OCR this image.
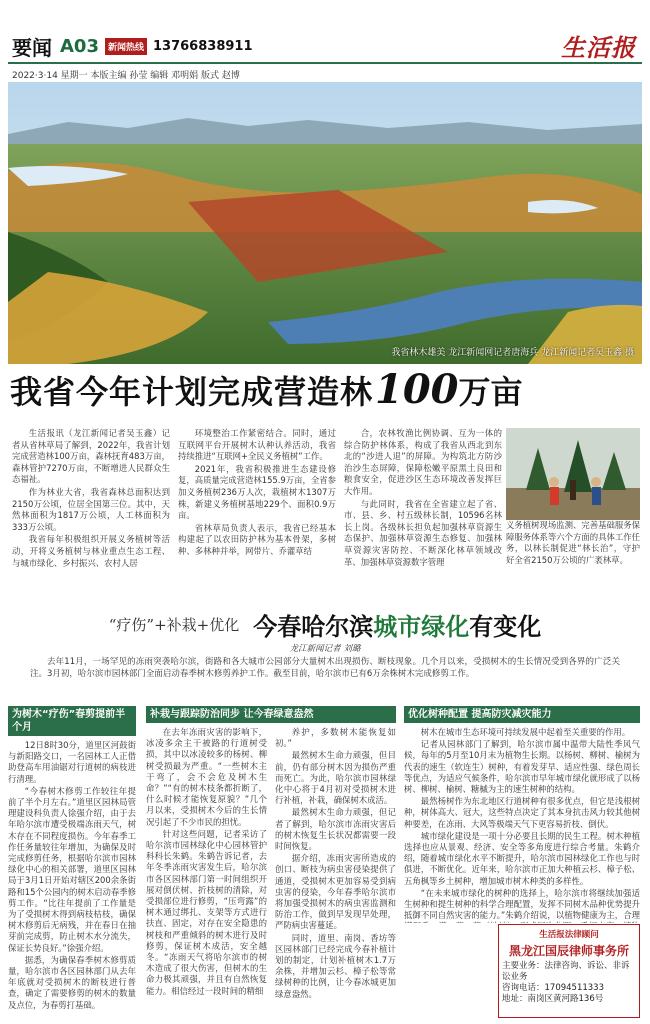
要闻 A03	新闻热线 13766838911	生活报
2022·3·14 星期一 本版主编 孙莹 编辑 邓明娟 版式 赵博
我省林木雄美 龙江新闻网记者唐海兵 龙江新闻记者吴玉鑫 摄
我省今年计划完成营造林 100 万亩

生活报讯（龙江新闻记者吴玉鑫）记者从省林草局了解到，2022年，我省计划完成营造林100万亩，森林抚育483万亩，森林管护7270万亩，不断增进人民群众生态福祉。

作为林业大省，我省森林总面积达到2150万公顷，位居全国第三位。其中，天然林面积为1817万公顷，人工林面积为333万公顷。

我省每年积极组织开展义务植树等活动，开将义务植树与林业重点生态工程、与城市绿化、乡村振兴、农村人居

环境整治工作紧密结合。同时，通过互联网平台开展树木认种认养活动，我省持续推进“互联网+全民义务植树”工作。

2021年，我省积极推进生态建设修复，高质量完成营造林155.9万亩，全省参加义务植树236万人次，栽植树木1307万株，新建义务植树基地229个、面积0.9万亩。

省林草局负责人表示，我省已经基本构建起了以农田防护林为基本骨架，多树种、多林种并举，网带片、乔灌草结

合，农林牧渔比例协调、互为一体的综合防护林体系，构成了我省从西北到东北的“沙进人退”的屏障。为构筑北方防沙治沙生态屏障，保障松嫩平原黑土良田和粮食安全，促进沙区生态环境改善发挥巨大作用。

与此同时，我省在全省建立起了省、市、县、乡、村五级林长制，10596名林长上岗。各级林长担负起加强林草资源生态保护、加强林草资源生态修复、加强林草资源灾害防控、不断深化林草领域改革、加强林草资源数字管理

义务植树现场监测、完善基础服务保障服务体系等六个方面的具体工作任务，以林长制促进“林长治”，守护好全省2150万公顷的广袤林草。
“疗伤”+补栽+优化 今春哈尔滨城市绿化有变化
龙江新闻记者 刘璐
去年11月，一场罕见的冻雨突袭哈尔滨，街路和各大城市公园部分大量树木出现损伤、断枝现象。几个月以来，受损树木的生长情况受到各界的广泛关注。3月初，哈尔滨市园林部门全面启动春季树木修剪养护工作。截至目前，哈尔滨市已有6万余株树木完成修剪工作。
为树木“疗伤”春剪提前半个月

12日8时30分，道里区河鼓街与新阳路交口，一名园林工人正借助登高车用油锯对行道树的病枝进行清理。

“今春树木修剪工作较往年提前了半个月左右。”道里区园林局管理建设科负责人徐强介绍，由于去年哈尔滨市遭受极端冻雨天气，树木存在不同程度损伤。今年春季工作任务量较往年增加，为确保及时完成修剪任务，根据哈尔滨市园林绿化中心的相关部署，道里区园林局于3月1日开始对辖区200余条街路和15个公园内的树木启动春季修剪工作。“比往年提前了工作量是为了受损树木得到病枝枯枝，确保树木修剪后无病残，并在春日在抽芽前完成剪，防止树木水分流失，保证长势良好。”徐强介绍。

据悉，为确保春季树木修剪质量，哈尔滨市各区园林部门从去年年底就对受损树木的断枝进行普查，确定了需要修剪的树木的数量及点位，为春剪打基础。

补栽与跟踪防治同步 让今春绿意盎然

在去年冻雨灾害的影响下，冰凌多余主干被路的行道树受损，其中以冰凌较多的杨树、柳树受损最为严重。“一些树木主干弯了，会不会危及树木生命？”“有的树木枝条都折断了，什么时候才能恢复原貌？”几个月以来，受损树木今后的生长情况引起了不少市民的担忧。

针对这些问题，记者采访了哈尔滨市园林绿化中心园林管护科科长朱鹤。朱鹤告诉记者，去年冬季冻雨灾害发生后，哈尔滨市各区园林部门第一时间组织开展对倒伏树、折枝树的清除，对受损部位进行修剪，“压弯露”的树木通过绑扎、支架等方式进行扶直、固定，对存在安全隐患的树枝和严重倾斜的树木进行及时修剪，保证树木成活，安全越冬。“冻雨天气将哈尔滨市的树木造成了很大伤害，但树木的生命力极其顽强，并且有自然恢复能力。相信经过一段时间的精细

养护，多数树木能恢复如初。”

最然树木生命力顽强，但目前，仍有部分树木因为损伤严重而死亡。为此，哈尔滨市园林绿化中心将于4月初对受损树木进行补植，补栽，确保树木成活。

最然树木生命力顽强，但记者了解到，哈尔滨市冻雨灾害后的树木恢复生长状况都需要一段时间恢复。

据介绍，冻雨灾害所造成的创口、断枝为病虫害侵染提供了通道，受损树木更加容易受到病虫害的侵染，今年春季哈尔滨市将加强受损树木的病虫害监测和防治工作，做到早发现早处理，严防病虫害蔓延。

同时，道里、南岗、香坊等区园林部门已经完成今春补植计划的制定，计划补植树木1.7万余株，并增加云杉、樟子松等常绿树种的比例，让今春冰城更加绿意盎然。

优化树种配置 提高防灾减灾能力

树木在城市生态环境可持续发展中起着至关重要的作用。

记者从园林部门了解到，哈尔滨市属中温带大陆性季风气候，每年的5月至10月末为植物生长期。以杨树、柳树、榆树为代表的速生（软连生）树种，有着发芽早、适应性强、绿色周长等优点，为适应气候条件，哈尔滨市早年城市绿化就形成了以杨树、柳树、榆树、糖槭为主的速生树种的结构。

最然杨树作为东北地区行道树种有很多优点，但它是浅根树种，树体高大、冠大，这些特点决定了其本身抗击风力较其他树种要差，在冻雨、大风等极端天气下更容易折枝、倒伏。

城市绿化建设是一项十分必要且长期的民生工程。树木种植选择也应从景观、经济、安全等多角度进行综合考量。朱鹤介绍，随着城市绿化水平不断提升，哈尔滨市园林绿化工作也与时俱进，不断优化。近年来，哈尔滨市正加大种植云杉、樟子松、五角枫等乡土树种，增加城市树木种类的多样性。

“在未来城市绿化的树种的选择上，哈尔滨市将继续加强适生树种和提生树种的科学合理配置，发挥不同树木品种优势提升抵御不同自然灾害的能力。”朱鹤介绍说，以植物健康为主，合理

生活报法律顾问
黑龙江国辰律师事务所
主要业务：法律咨询、诉讼、非诉讼业务
咨询电话：17094511333
地址：南岗区黄河路136号
